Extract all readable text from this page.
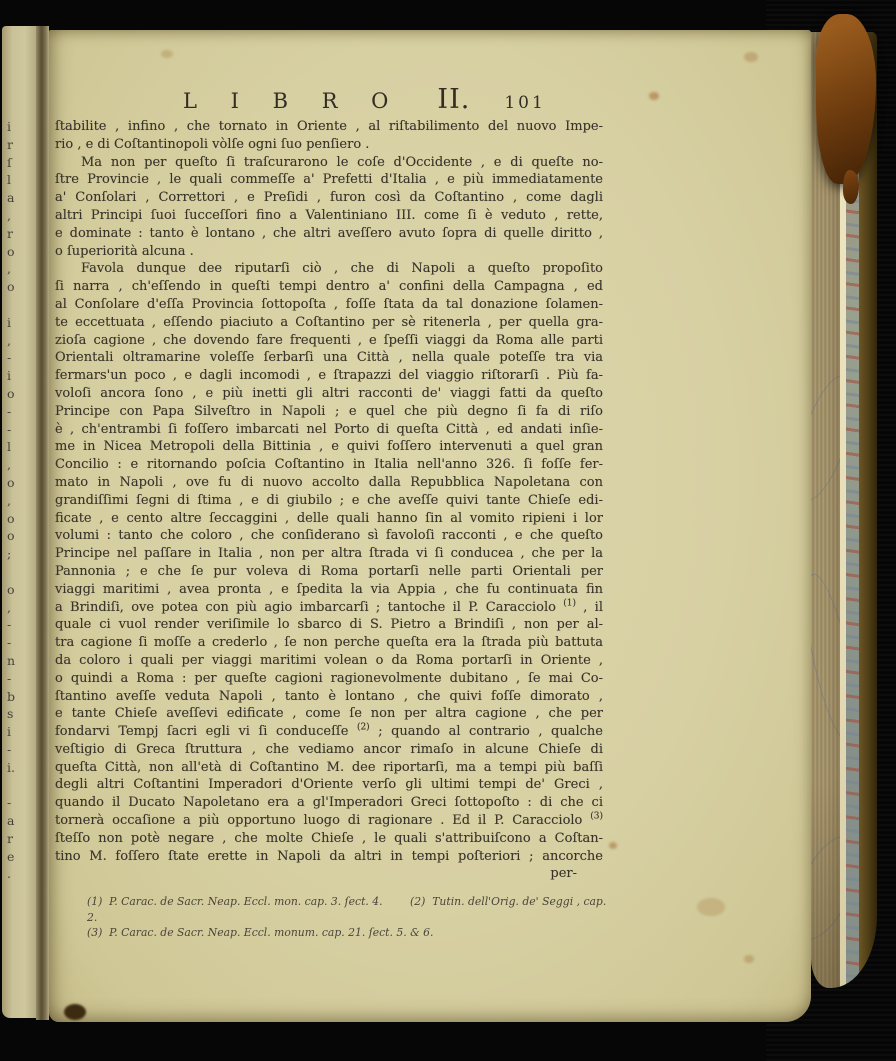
i
r
ſ
l
a
,
r
o
,
o
i
,
-
i
o
-
-
l
,
o
,
o
o
;
o
,
-
-
n
-
b
s
i
-
i.
-
a
r
e
.
L I B R O II. 101
ſtabilite , infino , che tornato in Oriente , al riſtabilimento del nuovo Impe-
rio , e di Coſtantinopoli vòlſe ogni ſuo penſiero .
Ma non per queſto ſi traſcurarono le coſe d'Occidente , e di queſte no-
ſtre Provincie , le quali commeſſe a' Prefetti d'Italia , e più immediatamente
a' Conſolari , Correttori , e Preſidi , furon così da Coſtantino , come dagli
altri Principi ſuoi ſucceſſori fino a Valentiniano III. come ſi è veduto , rette,
e dominate : tanto è lontano , che altri aveſſero avuto ſopra di quelle diritto ,
o ſuperiorità alcuna .
Favola dunque dee riputarſi ciò , che di Napoli a queſto propoſito
ſi narra , ch'eſſendo in queſti tempi dentro a' confini della Campagna , ed
al Conſolare d'eſſa Provincia ſottopoſta , foſſe ſtata da tal donazione ſolamen-
te eccettuata , eſſendo piaciuto a Coſtantino per sè ritenerla , per quella gra-
zioſa cagione , che dovendo fare frequenti , e ſpeſſi viaggi da Roma alle parti
Orientali oltramarine voleſſe ſerbarſi una Città , nella quale poteſſe tra via
fermars'un poco , e dagli incomodi , e ſtrapazzi del viaggio riſtorarſi . Più fa-
voloſi ancora ſono , e più inetti gli altri racconti de' viaggi fatti da queſto
Principe con Papa Silveſtro in Napoli ; e quel che più degno ſi fa di riſo
è , ch'entrambi ſi foſſero imbarcati nel Porto di queſta Città , ed andati inſie-
me in Nicea Metropoli della Bittinia , e quivi foſſero intervenuti a quel gran
Concilio : e ritornando poſcia Coſtantino in Italia nell'anno 326. ſi foſſe fer-
mato in Napoli , ove fu di nuovo accolto dalla Repubblica Napoletana con
grandiſſimi ſegni di ſtima , e di giubilo ; e che aveſſe quivi tante Chieſe edi-
ficate , e cento altre ſeccaggini , delle quali hanno ſin al vomito ripieni i lor
volumi : tanto che coloro , che conſiderano sì favoloſi racconti , e che queſto
Principe nel paſſare in Italia , non per altra ſtrada vi ſi conducea , che per la
Pannonia ; e che ſe pur voleva di Roma portarſi nelle parti Orientali per
viaggi maritimi , avea pronta , e ſpedita la via Appia , che fu continuata fin
a Brindiſi, ove potea con più agio imbarcarſi ; tantoche il P. Caracciolo $^{(1)}$ , il
quale ci vuol render veriſimile lo sbarco di S. Pietro a Brindiſi , non per al-
tra cagione ſi moſſe a crederlo , ſe non perche queſta era la ſtrada più battuta
da coloro i quali per viaggi maritimi volean o da Roma portarſi in Oriente ,
o quindi a Roma : per queſte cagioni ragionevolmente dubitano , ſe mai Co-
ſtantino aveſſe veduta Napoli , tanto è lontano , che quivi foſſe dimorato ,
e tante Chieſe aveſſevi edificate , come ſe non per altra cagione , che per
fondarvi Tempj ſacri egli vi ſi conduceſſe $^{(2)}$ ; quando al contrario , qualche
veſtigio di Greca ſtruttura , che vediamo ancor rimaſo in alcune Chieſe di
queſta Città, non all'età di Coſtantino M. dee riportarſi, ma a tempi più baſſi
degli altri Coſtantini Imperadori d'Oriente verſo gli ultimi tempi de' Greci ,
quando il Ducato Napoletano era a gl'Imperadori Greci ſottopoſto : di che ci
tornerà occaſione a più opportuno luogo di ragionare . Ed il P. Caracciolo $^{(3)}$
ſteſſo non potè negare , che molte Chieſe , le quali s'attribuiſcono a Coſtan-
tino M. foſſero ſtate erette in Napoli da altri in tempi poſteriori ; ancorche
per-
(1)  P. Carac. de Sacr. Neap. Eccl. mon. cap. 3. ſect. 4.        (2)  Tutin. dell'Orig. de' Seggi , cap. 2.
(3)  P. Carac. de Sacr. Neap. Eccl. monum. cap. 21. ſect. 5. & 6.
